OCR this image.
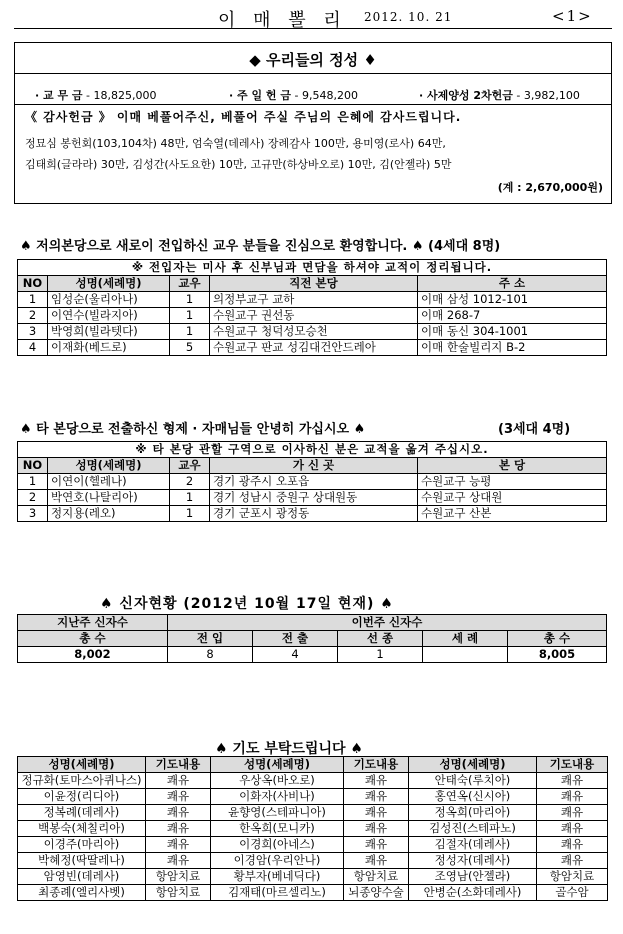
이 매 뽈 리 2012. 10. 21	<1>
◆ 우리들의 정성 ♦
· 교 무 금 - 18,825,000	· 주 일 헌 금 - 9,548,200	· 사제양성 2차헌금 - 3,982,100
《 감사헌금 》 이매 베풀어주신, 베풀어 주실 주님의 은혜에 감사드립니다.
정묘심 봉헌회(103,104차) 48만, 엄숙열(데레사) 장례감사 100만, 용미영(로사) 64만,
김태희(글라라) 30만, 김성간(사도요한) 10만, 고규만(하상바오로) 10만, 김(안젤라) 5만
(계 : 2,670,000원)
♠ 저의본당으로 새로이 전입하신 교우 분들을 진심으로 환영합니다. ♠ (4세대 8명)
※ 전입자는 미사 후 신부님과 면담을 하셔야 교적이 정리됩니다.				
NO	성명(세례명)	교우	직전 본당	주 소
1	임성순(울리아나)	1	의정부교구 교하	이매 삼성 1012-101
2	이연수(빌라지아)	1	수원교구 권선동	이매 268-7
3	박영희(빌라텟다)	1	수원교구 청덕성모승천	이매 동신 304-1001
4	이재화(베드로)	5	수원교구 판교 성김대건안드레아	이매 한술빌리지 B-2
♠ 타 본당으로 전출하신 형제 · 자매님들 안녕히 가십시오 ♠	(3세대 4명)
※ 타 본당 관할 구역으로 이사하신 분은 교적을 옮겨 주십시오.				
NO	성명(세례명)	교우	가 신 곳	본 당
1	이연이(헬레나)	2	경기 광주시 오포읍	수원교구 능평
2	박연호(나탈리아)	1	경기 성남시 중원구 상대원동	수원교구 상대원
3	정지용(레오)	1	경기 군포시 광정동	수원교구 산본
♠ 신자현황 (2012년 10월 17일 현재) ♠
지난주 신자수	이번주 신자수				
총 수	전 입	전 출	선 종	세 례	총 수
8,002	8	4	1		8,005
♠ 기도 부탁드립니다 ♠
성명(세례명)	기도내용	성명(세례명)	기도내용	성명(세례명)	기도내용
정규화(토마스아퀴나스)	쾌유	우상옥(바오로)	쾌유	안태숙(루치아)	쾌유
이윤정(리디아)	쾌유	이화자(사비나)	쾌유	홍연옥(신시아)	쾌유
정복례(데레사)	쾌유	윤향영(스테파니아)	쾌유	정옥희(마리아)	쾌유
백봉숙(체칠리아)	쾌유	한옥희(모니카)	쾌유	김성진(스테파노)	쾌유
이경주(마리아)	쾌유	이경희(아네스)	쾌유	김절자(데레사)	쾌유
박혜정(딱딸레나)	쾌유	이경암(우리안나)	쾌유	정성자(데레사)	쾌유
암영빈(데레사)	항암치료	황부자(베네딕다)	항암치료	조영남(안젤라)	항암치료
최종례(엘리사벳)	항암치료	김재태(마르셀리노)	뇌종양수술	안병순(소화데레사)	골수암
